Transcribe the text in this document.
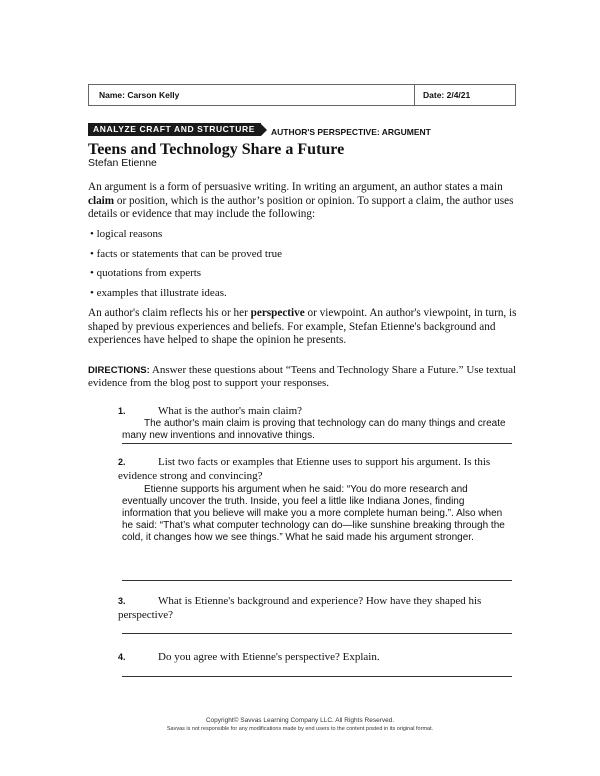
Name: Carson Kelly	Date: 2/4/21
ANALYZE CRAFT AND STRUCTURE	AUTHOR'S PERSPECTIVE: ARGUMENT
Teens and Technology Share a Future
Stefan Etienne
An argument is a form of persuasive writing. In writing an argument, an author states a main claim or position, which is the author’s position or opinion. To support a claim, the author uses details or evidence that may include the following:
• logical reasons
• facts or statements that can be proved true
• quotations from experts
• examples that illustrate ideas.
An author's claim reflects his or her perspective or viewpoint. An author's viewpoint, in turn, is shaped by previous experiences and beliefs. For example, Stefan Etienne's background and experiences have helped to shape the opinion he presents.
DIRECTIONS: Answer these questions about “Teens and Technology Share a Future.” Use textual evidence from the blog post to support your responses.
1.	What is the author's main claim?
The author's main claim is proving that technology can do many things and create many new inventions and innovative things.
2.	List two facts or examples that Etienne uses to support his argument. Is this evidence strong and convincing?
Etienne supports his argument when he said: “You do more research and eventually uncover the truth. Inside, you feel a little like Indiana Jones, finding information that you believe will make you a more complete human being.”. Also when he said: “That’s what computer technology can do—like sunshine breaking through the cold, it changes how we see things.” What he said made his argument stronger.
3.	What is Etienne's background and experience? How have they shaped his perspective?
4.	Do you agree with Etienne's perspective? Explain.
Copyright© Savvas Learning Company LLC. All Rights Reserved.
Savvas is not responsible for any modifications made by end users to the content posted in its original format.
